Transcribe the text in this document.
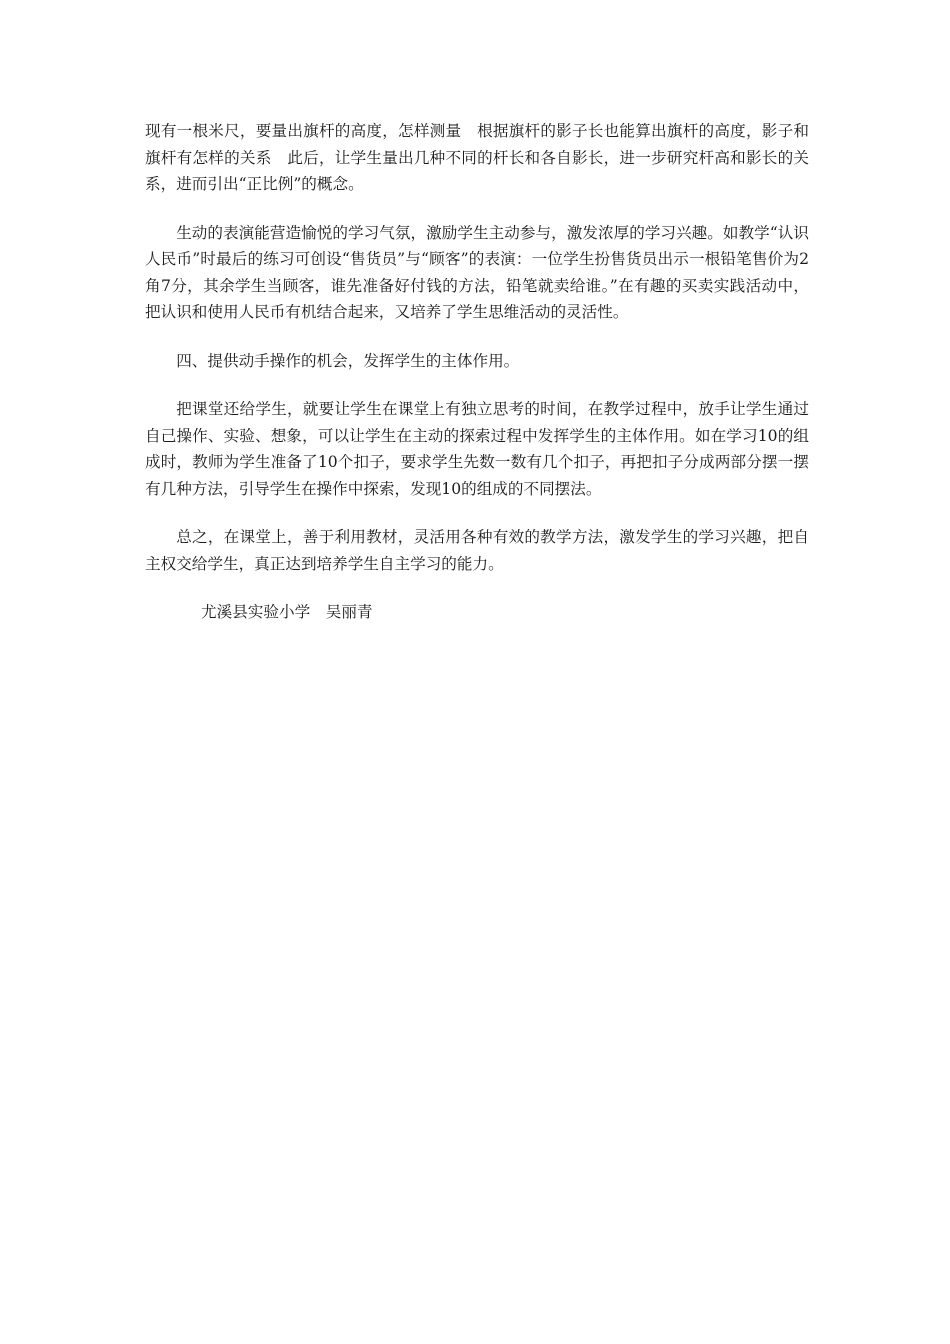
现有一根米尺，要量出旗杆的高度，怎样测量　根据旗杆的影子长也能算出旗杆的高度，影子和旗杆有怎样的关系　此后，让学生量出几种不同的杆长和各自影长，进一步研究杆高和影长的关系，进而引出“正比例”的概念。

生动的表演能营造愉悦的学习气氛，激励学生主动参与，激发浓厚的学习兴趣。如教学“认识人民币”时最后的练习可创设“售货员”与“顾客”的表演：一位学生扮售货员出示一根铅笔售价为2角7分，其余学生当顾客，谁先准备好付钱的方法，铅笔就卖给谁。”在有趣的买卖实践活动中，把认识和使用人民币有机结合起来，又培养了学生思维活动的灵活性。

四、提供动手操作的机会，发挥学生的主体作用。

把课堂还给学生，就要让学生在课堂上有独立思考的时间，在教学过程中，放手让学生通过自己操作、实验、想象，可以让学生在主动的探索过程中发挥学生的主体作用。如在学习10的组成时，教师为学生准备了10个扣子，要求学生先数一数有几个扣子，再把扣子分成两部分摆一摆有几种方法，引导学生在操作中探索，发现10的组成的不同摆法。

总之，在课堂上，善于利用教材，灵活用各种有效的教学方法，激发学生的学习兴趣，把自主权交给学生，真正达到培养学生自主学习的能力。

尤溪县实验小学　吴丽青
